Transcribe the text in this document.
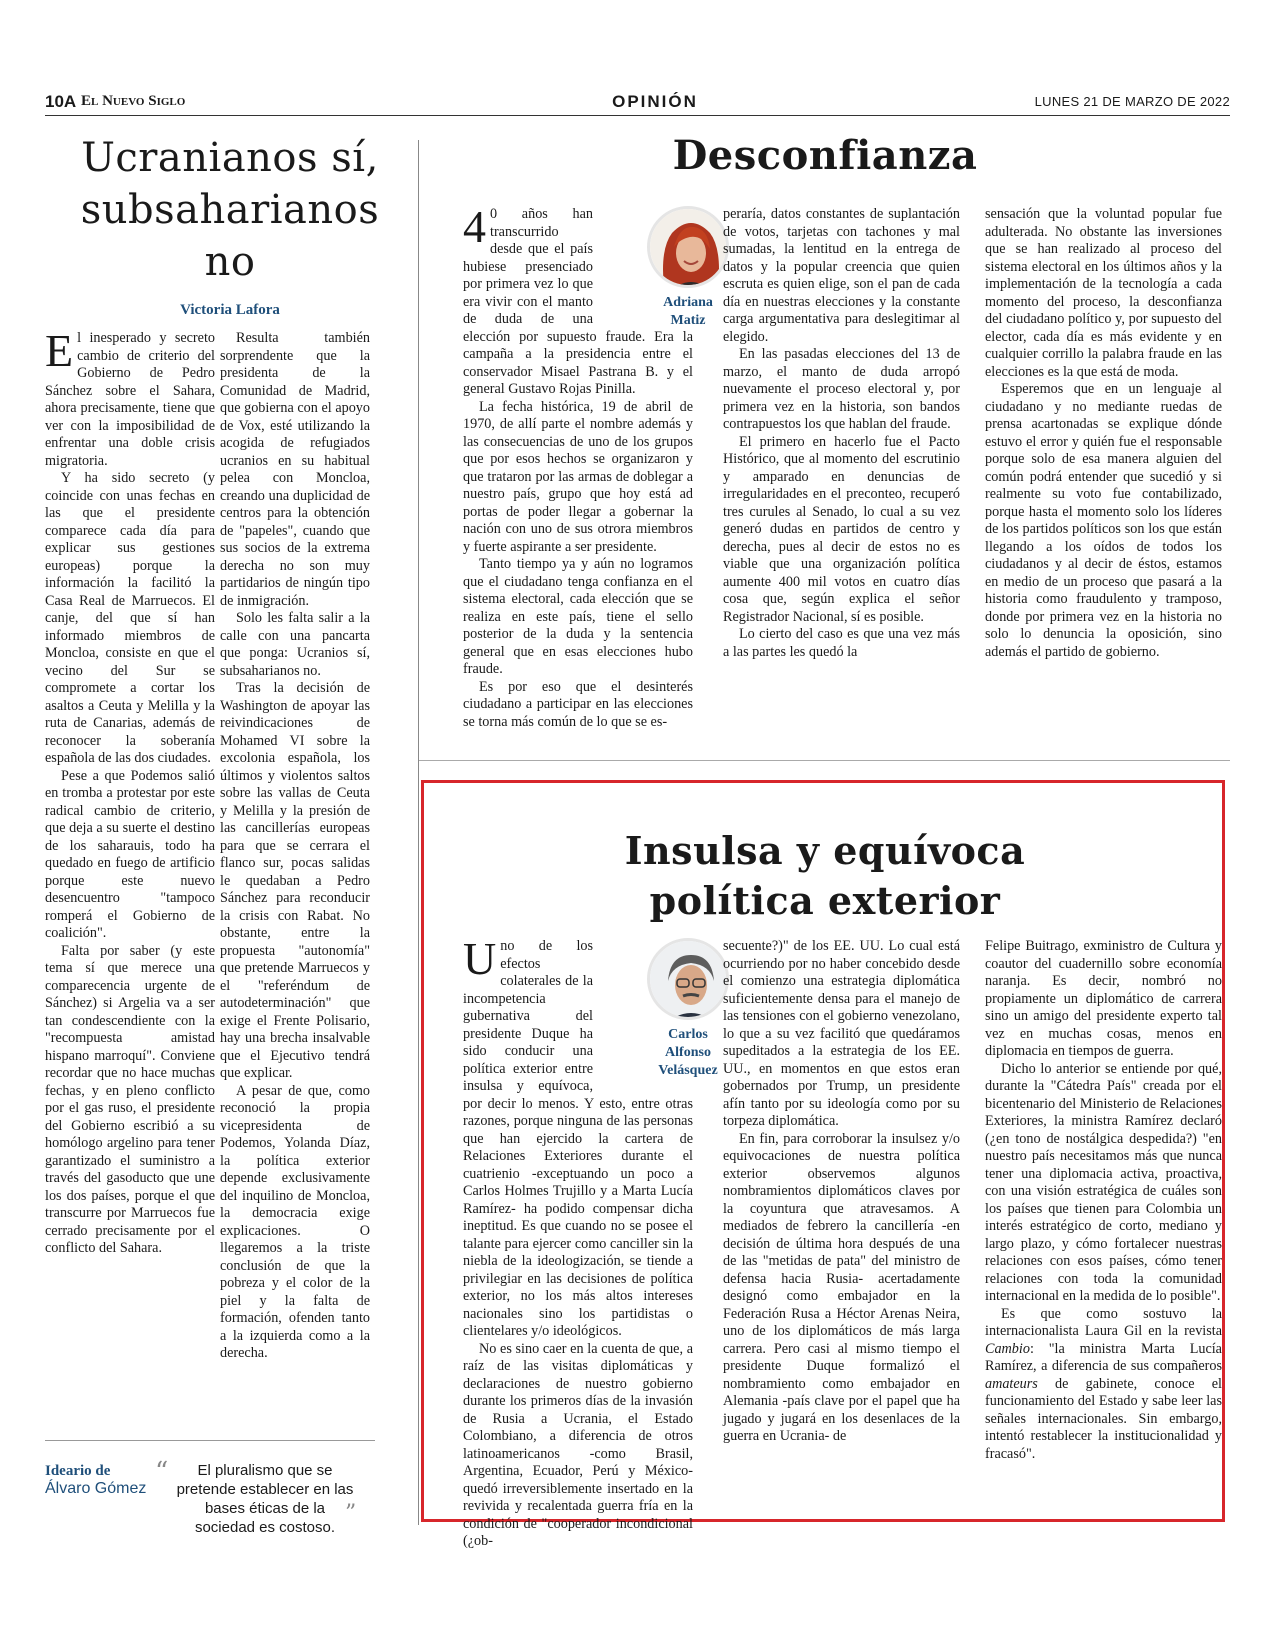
10A El Nuevo Siglo	OPINIÓN	LUNES 21 DE MARZO DE 2022
Ucranianos sí,
subsaharianos
no
Victoria Lafora

El inesperado y secreto cambio de criterio del Gobierno de Pedro Sánchez sobre el Sahara, ahora precisamente, tiene que ver con la imposibilidad de enfrentar una doble crisis migratoria.

Y ha sido secreto (y coincide con unas fechas en las que el presidente comparece cada día para explicar sus gestiones europeas) porque la información la facilitó la Casa Real de Marruecos. El canje, del que sí han informado miembros de Moncloa, consiste en que el vecino del Sur se compromete a cortar los asaltos a Ceuta y Melilla y la ruta de Canarias, además de reconocer la soberanía española de las dos ciudades.

Pese a que Podemos salió en tromba a protestar por este radical cambio de criterio, que deja a su suerte el destino de los saharauis, todo ha quedado en fuego de artificio porque este nuevo desencuentro "tampoco romperá el Gobierno de coalición".

Falta por saber (y este tema sí que merece una comparecencia urgente de Sánchez) si Argelia va a ser tan condescendiente con la "recompuesta amistad hispano marroquí". Conviene recordar que no hace muchas fechas, y en pleno conflicto por el gas ruso, el presidente del Gobierno escribió a su homólogo argelino para tener garantizado el suministro a través del gasoducto que une los dos países, porque el que transcurre por Marruecos fue cerrado precisamente por el conflicto del Sahara.

Resulta también sorprendente que la presidenta de la Comunidad de Madrid, que gobierna con el apoyo de Vox, esté utilizando la acogida de refugiados ucranios en su habitual pelea con Moncloa, creando una duplicidad de centros para la obtención de "papeles", cuando que sus socios de la extrema derecha no son muy partidarios de ningún tipo de inmigración.

Solo les falta salir a la calle con una pancarta que ponga: Ucranios sí, subsaharianos no.

Tras la decisión de Washington de apoyar las reivindicaciones de Mohamed VI sobre la excolonia española, los últimos y violentos saltos sobre las vallas de Ceuta y Melilla y la presión de las cancillerías europeas para que se cerrara el flanco sur, pocas salidas le quedaban a Pedro Sánchez para reconducir la crisis con Rabat. No obstante, entre la propuesta "autonomía" que pretende Marruecos y el "referéndum de autodeterminación" que exige el Frente Polisario, hay una brecha insalvable que el Ejecutivo tendrá que explicar.

A pesar de que, como reconoció la propia vicepresidenta de Podemos, Yolanda Díaz, la política exterior depende exclusivamente del inquilino de Moncloa, la democracia exige explicaciones. O llegaremos a la triste conclusión de que la pobreza y el color de la piel y la falta de formación, ofenden tanto a la izquierda como a la derecha.

Ideario de
Álvaro Gómez
“	El pluralismo que se pretende establecer en las bases éticas de la sociedad es costoso.
”
Desconfianza

4 0 años han transcurrido desde que el país hubiese presenciado por primera vez lo que era vivir con el manto de duda de una elección por supuesto fraude. Era la campaña a la presidencia entre el conservador Misael Pastrana B. y el general Gustavo Rojas Pinilla.

La fecha histórica, 19 de abril de 1970, de allí parte el nombre además y las consecuencias de uno de los grupos que por esos hechos se organizaron y que trataron por las armas de doblegar a nuestro país, grupo que hoy está ad portas de poder llegar a gobernar la nación con uno de sus otrora miembros y fuerte aspirante a ser presidente.

Tanto tiempo ya y aún no logramos que el ciudadano tenga confianza en el sistema electoral, cada elección que se realiza en este país, tiene el sello posterior de la duda y la sentencia general que en esas elecciones hubo fraude.

Es por eso que el desinterés ciudadano a participar en las elecciones se torna más común de lo que se es-

Adriana
Matiz

peraría, datos constantes de suplantación de votos, tarjetas con tachones y mal sumadas, la lentitud en la entrega de datos y la popular creencia que quien escruta es quien elige, son el pan de cada día en nuestras elecciones y la constante carga argumentativa para deslegitimar al elegido.

En las pasadas elecciones del 13 de marzo, el manto de duda arropó nuevamente el proceso electoral y, por primera vez en la historia, son bandos contrapuestos los que hablan del fraude.

El primero en hacerlo fue el Pacto Histórico, que al momento del escrutinio y amparado en denuncias de irregularidades en el preconteo, recuperó tres curules al Senado, lo cual a su vez generó dudas en partidos de centro y derecha, pues al decir de estos no es viable que una organización política aumente 400 mil votos en cuatro días cosa que, según explica el señor Registrador Nacional, sí es posible.

Lo cierto del caso es que una vez más a las partes les quedó la

sensación que la voluntad popular fue adulterada. No obstante las inversiones que se han realizado al proceso del sistema electoral en los últimos años y la implementación de la tecnología a cada momento del proceso, la desconfianza del ciudadano político y, por supuesto del elector, cada día es más evidente y en cualquier corrillo la palabra fraude en las elecciones es la que está de moda.

Esperemos que en un lenguaje al ciudadano y no mediante ruedas de prensa acartonadas se explique dónde estuvo el error y quién fue el responsable porque solo de esa manera alguien del común podrá entender que sucedió y si realmente su voto fue contabilizado, porque hasta el momento solo los líderes de los partidos políticos son los que están llegando a los oídos de todos los ciudadanos y al decir de éstos, estamos en medio de un proceso que pasará a la historia como fraudulento y tramposo, donde por primera vez en la historia no solo lo denuncia la oposición, sino además el partido de gobierno.

Insulsa y equívoca
política exterior

Uno de los efectos colaterales de la incompetencia gubernativa del presidente Duque ha sido conducir una política exterior entre insulsa y equívoca, por decir lo menos. Y esto, entre otras razones, porque ninguna de las personas que han ejercido la cartera de Relaciones Exteriores durante el cuatrienio -exceptuando un poco a Carlos Holmes Trujillo y a Marta Lucía Ramírez- ha podido compensar dicha ineptitud. Es que cuando no se posee el talante para ejercer como canciller sin la niebla de la ideologización, se tiende a privilegiar en las decisiones de política exterior, no los más altos intereses nacionales sino los partidistas o clientelares y/o ideológicos.

No es sino caer en la cuenta de que, a raíz de las visitas diplomáticas y declaraciones de nuestro gobierno durante los primeros días de la invasión de Rusia a Ucrania, el Estado Colombiano, a diferencia de otros latinoamericanos -como Brasil, Argentina, Ecuador, Perú y México- quedó irreversiblemente insertado en la revivida y recalentada guerra fría en la condición de "cooperador incondicional (¿ob-

Carlos
Alfonso
Velásquez

secuente?)" de los EE. UU. Lo cual está ocurriendo por no haber concebido desde el comienzo una estrategia diplomática suficientemente densa para el manejo de las tensiones con el gobierno venezolano, lo que a su vez facilitó que quedáramos supeditados a la estrategia de los EE. UU., en momentos en que estos eran gobernados por Trump, un presidente afín tanto por su ideología como por su torpeza diplomática.

En fin, para corroborar la insulsez y/o equivocaciones de nuestra política exterior observemos algunos nombramientos diplomáticos claves por la coyuntura que atravesamos. A mediados de febrero la cancillería -en decisión de última hora después de una de las "metidas de pata" del ministro de defensa hacia Rusia- acertadamente designó como embajador en la Federación Rusa a Héctor Arenas Neira, uno de los diplomáticos de más larga carrera. Pero casi al mismo tiempo el presidente Duque formalizó el nombramiento como embajador en Alemania -país clave por el papel que ha jugado y jugará en los desenlaces de la guerra en Ucrania- de

Felipe Buitrago, exministro de Cultura y coautor del cuadernillo sobre economía naranja. Es decir, nombró no propiamente un diplomático de carrera sino un amigo del presidente experto tal vez en muchas cosas, menos en diplomacia en tiempos de guerra.

Dicho lo anterior se entiende por qué, durante la "Cátedra País" creada por el bicentenario del Ministerio de Relaciones Exteriores, la ministra Ramírez declaró (¿en tono de nostálgica despedida?) "en nuestro país necesitamos más que nunca tener una diplomacia activa, proactiva, con una visión estratégica de cuáles son los países que tienen para Colombia un interés estratégico de corto, mediano y largo plazo, y cómo fortalecer nuestras relaciones con esos países, cómo tener relaciones con toda la comunidad internacional en la medida de lo posible".

Es que como sostuvo la internacionalista Laura Gil en la revista Cambio: "la ministra Marta Lucía Ramírez, a diferencia de sus compañeros amateurs de gabinete, conoce el funcionamiento del Estado y sabe leer las señales internacionales. Sin embargo, intentó restablecer la institucionalidad y fracasó".
